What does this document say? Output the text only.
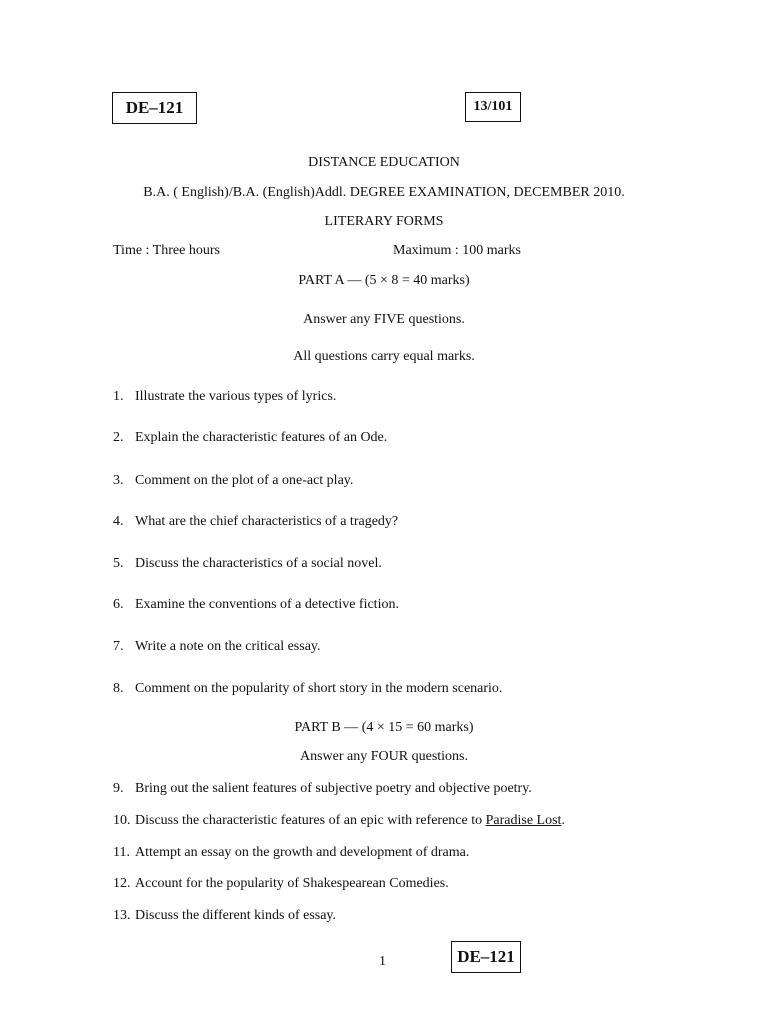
DE–121	13/101
DISTANCE EDUCATION
B.A. ( English)/B.A. (English)Addl. DEGREE EXAMINATION, DECEMBER 2010.
LITERARY FORMS
Time : Three hours	Maximum : 100 marks
PART A — (5 × 8 = 40 marks)
Answer any FIVE questions.
All questions carry equal marks.
1. Illustrate the various types of lyrics.
2. Explain the characteristic features of an Ode.
3. Comment on the plot of a one-act play.
4. What are the chief characteristics of a tragedy?
5. Discuss the characteristics of a social novel.
6. Examine the conventions of a detective fiction.
7. Write a note on the critical essay.
8. Comment on the popularity of short story in the modern scenario.
PART B — (4 × 15 = 60 marks)
Answer any FOUR questions.
9. Bring out the salient features of subjective poetry and objective poetry.
10. Discuss the characteristic features of an epic with reference to Paradise Lost.
11. Attempt an essay on the growth and development of drama.
12. Account for the popularity of Shakespearean Comedies.
13. Discuss the different kinds of essay.
1	DE–121
